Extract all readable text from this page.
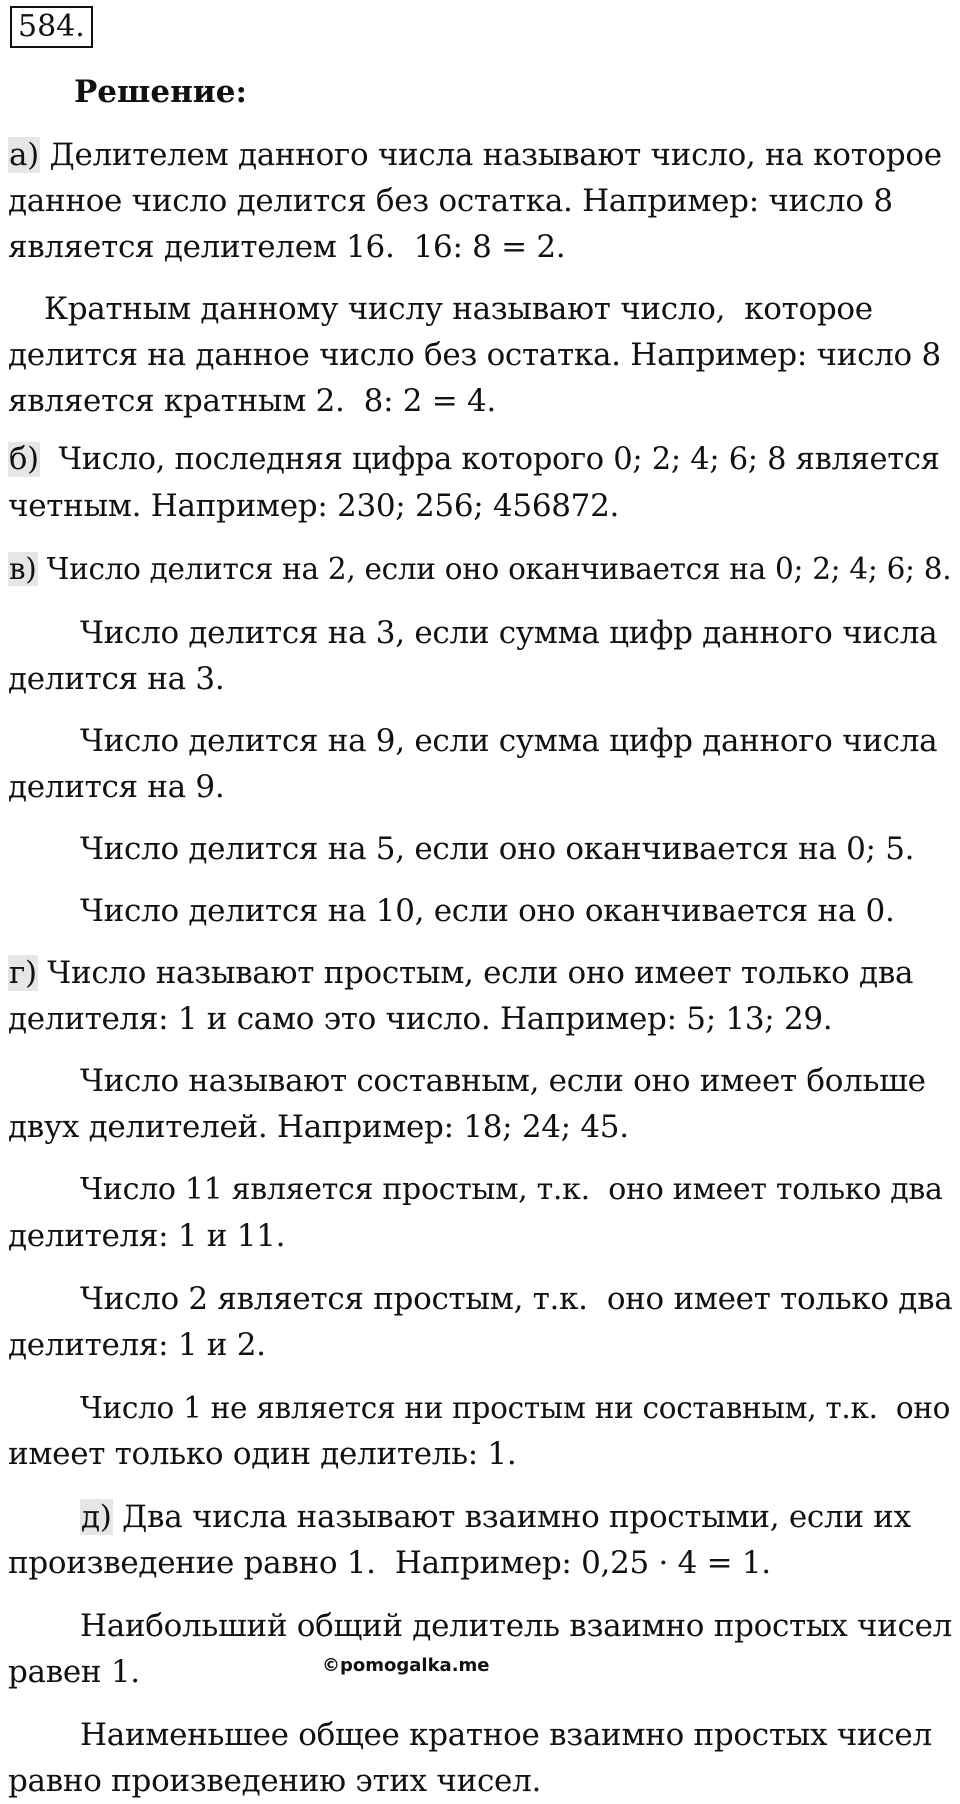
584.
Решение:
а) Делителем данного числа называют число, на которое
данное число делится без остатка. Например: число 8
является делителем 16.  16: 8 = 2.
Кратным данному числу называют число,  которое
делится на данное число без остатка. Например: число 8
является кратным 2.  8: 2 = 4.
б)  Число, последняя цифра которого 0; 2; 4; 6; 8 является
четным. Например: 230; 256; 456872.
в) Число делится на 2, если оно оканчивается на 0; 2; 4; 6; 8.
Число делится на 3, если сумма цифр данного числа
делится на 3.
Число делится на 9, если сумма цифр данного числа
делится на 9.
Число делится на 5, если оно оканчивается на 0; 5.
Число делится на 10, если оно оканчивается на 0.
г) Число называют простым, если оно имеет только два
делителя: 1 и само это число. Например: 5; 13; 29.
Число называют составным, если оно имеет больше
двух делителей. Например: 18; 24; 45.
Число 11 является простым, т.к.  оно имеет только два
делителя: 1 и 11.
Число 2 является простым, т.к.  оно имеет только два
делителя: 1 и 2.
Число 1 не является ни простым ни составным, т.к.  оно
имеет только один делитель: 1.
д) Два числа называют взаимно простыми, если их
произведение равно 1.  Например: 0,25 · 4 = 1.
Наибольший общий делитель взаимно простых чисел
равен 1.
Наименьшее общее кратное взаимно простых чисел
равно произведению этих чисел.
©pomogalka.me
